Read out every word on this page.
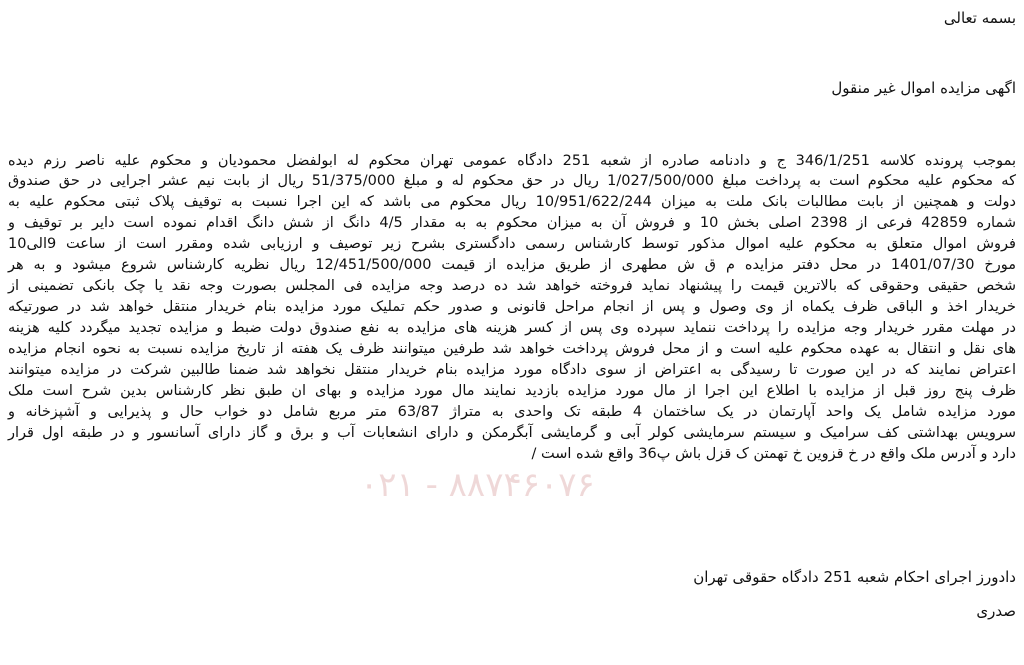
۰۲۱ - ۸۸۷۴۶۰۷۶
بسمه تعالی
اگهی مزایده اموال غیر منقول
بموجب پرونده کلاسه 346/1/251 ج و دادنامه صادره از شعبه 251 دادگاه عمومی تهران محکوم له ابولفضل محمودیان و محکوم علیه ناصر رزم دیده
که محکوم علیه محکوم است به پرداخت مبلغ 1/027/500/000 ریال در حق محکوم له و مبلغ 51/375/000 ریال از بابت نیم عشر اجرایی در حق صندوق
دولت و همچنین از بابت مطالبات بانک ملت به میزان 10/951/622/244 ریال محکوم می باشد که این اجرا نسبت به توقیف پلاک ثبتی محکوم علیه به
شماره 42859 فرعی از 2398 اصلی بخش 10 و فروش آن به میزان محکوم به به مقدار 4/5 دانگ از شش دانگ اقدام نموده است دایر بر توقیف و
فروش اموال متعلق به محکوم علیه اموال مذکور توسط کارشناس رسمی دادگستری بشرح زیر توصیف و ارزیابی شده ومقرر است از ساعت 9الی10
مورخ 1401/07/30 در محل دفتر مزایده م ق ش مطهری از طریق مزایده از قیمت 12/451/500/000 ریال نظریه کارشناس شروع میشود و به هر
شخص حقیقی وحقوقی که بالاترین قیمت را پیشنهاد نماید فروخته خواهد شد ده درصد وجه مزایده فی المجلس بصورت وجه نقد یا چک بانکی تضمینی از
خریدار اخذ و الباقی ظرف یکماه از وی وصول و پس از انجام مراحل قانونی و صدور حکم تملیک مورد مزایده بنام خریدار منتقل خواهد شد در صورتیکه
در مهلت مقرر خریدار وجه مزایده را پرداخت ننماید سپرده وی پس از کسر هزینه های مزایده به نفع صندوق دولت ضبط و مزایده تجدید میگردد کلیه هزینه
های نقل و انتقال به عهده محکوم علیه است و از محل فروش پرداخت خواهد شد طرفین میتوانند ظرف یک هفته از تاریخ مزایده نسبت به نحوه انجام مزایده
اعتراض نمایند که در این صورت تا رسیدگی به اعتراض از سوی دادگاه مورد مزایده بنام خریدار منتقل نخواهد شد ضمنا طالبین شرکت در مزایده میتوانند
ظرف پنج روز قبل از مزایده با اطلاع این اجرا از مال مورد مزایده بازدید نمایند مال مورد مزایده و بهای ان طبق نظر کارشناس بدین شرح است ملک
مورد مزایده شامل یک واحد آپارتمان در یک ساختمان 4 طبقه تک واحدی به متراژ 63/87 متر مربع شامل دو خواب حال و پذیرایی و آشپزخانه و
سرویس بهداشتی کف سرامیک و سیستم سرمایشی کولر آبی و گرمایشی آبگرمکن و دارای انشعابات آب و برق و گاز دارای آسانسور و در طبقه اول قرار
دارد و آدرس ملک واقع در خ قزوین خ تهمتن ک قزل باش پ36 واقع شده است /
دادورز اجرای احکام شعبه 251 دادگاه حقوقی تهران
صدری
